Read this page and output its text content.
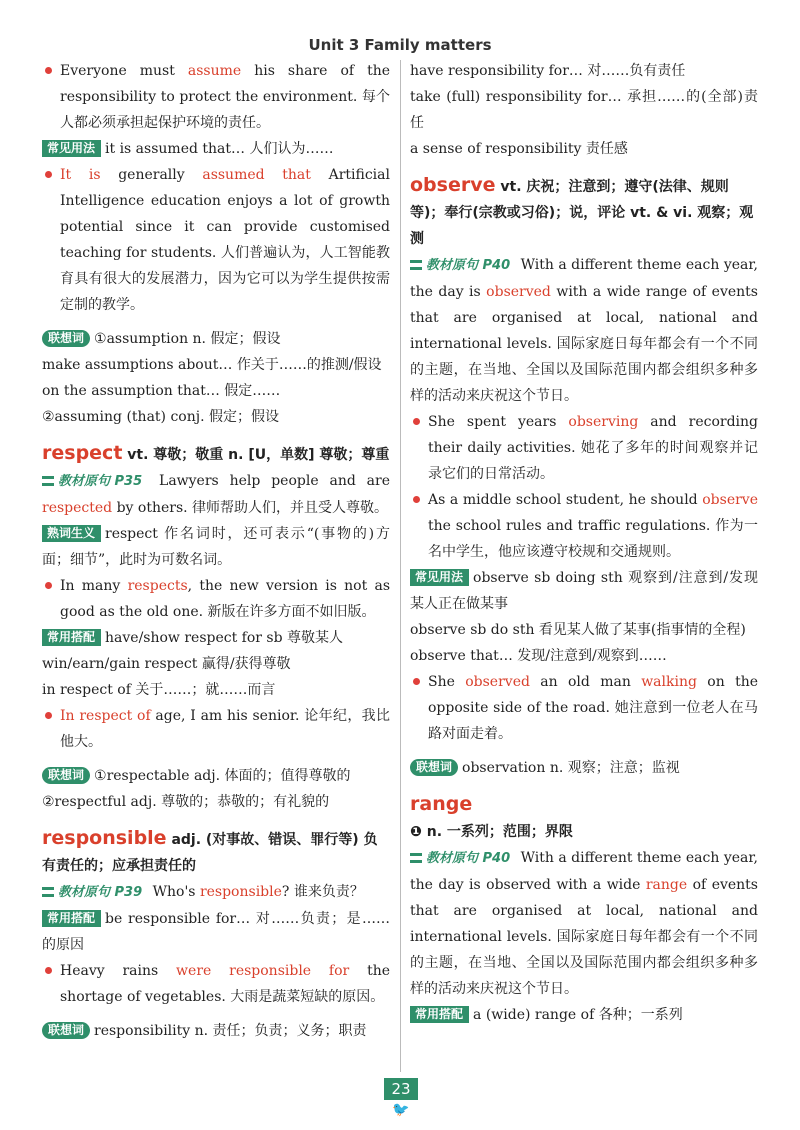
Unit 3 Family matters

Everyone must assume his share of the responsibility to protect the environment. 每个人都必须承担起保护环境的责任。

常见用法 it is assumed that… 人们认为……

It is generally assumed that Artificial Intelligence education enjoys a lot of growth potential since it can provide customised teaching for students. 人们普遍认为，人工智能教育具有很大的发展潜力，因为它可以为学生提供按需定制的教学。

联想词 ①assumption n. 假定；假设

make assumptions about… 作关于……的推测/假设

on the assumption that… 假定……

②assuming (that) conj. 假定；假设

respect vt. 尊敬；敬重 n. [U，单数] 尊敬；尊重

教材原句 P35 Lawyers help people and are respected by others. 律师帮助人们，并且受人尊敬。

熟词生义 respect 作名词时，还可表示“(事物的)方面；细节”，此时为可数名词。

In many respects, the new version is not as good as the old one. 新版在许多方面不如旧版。

常用搭配 have/show respect for sb 尊敬某人

win/earn/gain respect 赢得/获得尊敬

in respect of 关于……；就……而言

In respect of age, I am his senior. 论年纪，我比他大。

联想词 ①respectable adj. 体面的；值得尊敬的

②respectful adj. 尊敬的；恭敬的；有礼貌的

responsible adj. (对事故、错误、罪行等) 负有责任的；应承担责任的

教材原句 P39 Who's responsible? 谁来负责？

常用搭配 be responsible for… 对……负责；是……的原因

Heavy rains were responsible for the shortage of vegetables. 大雨是蔬菜短缺的原因。

联想词 responsibility n. 责任；负责；义务；职责

have responsibility for… 对……负有责任

take (full) responsibility for… 承担……的(全部)责任

a sense of responsibility 责任感

observe vt. 庆祝；注意到；遵守(法律、规则等)；奉行(宗教或习俗)；说，评论 vt. & vi. 观察；观测

教材原句 P40 With a different theme each year, the day is observed with a wide range of events that are organised at local, national and international levels. 国际家庭日每年都会有一个不同的主题，在当地、全国以及国际范围内都会组织多种多样的活动来庆祝这个节日。

She spent years observing and recording their daily activities. 她花了多年的时间观察并记录它们的日常活动。

As a middle school student, he should observe the school rules and traffic regulations. 作为一名中学生，他应该遵守校规和交通规则。

常见用法 observe sb doing sth 观察到/注意到/发现某人正在做某事

observe sb do sth 看见某人做了某事(指事情的全程)

observe that… 发现/注意到/观察到……

She observed an old man walking on the opposite side of the road. 她注意到一位老人在马路对面走着。

联想词 observation n. 观察；注意；监视

range

❶ n. 一系列；范围；界限

教材原句 P40 With a different theme each year, the day is observed with a wide range of events that are organised at local, national and international levels. 国际家庭日每年都会有一个不同的主题，在当地、全国以及国际范围内都会组织多种多样的活动来庆祝这个节日。

常用搭配 a (wide) range of 各种；一系列

23
🐦
